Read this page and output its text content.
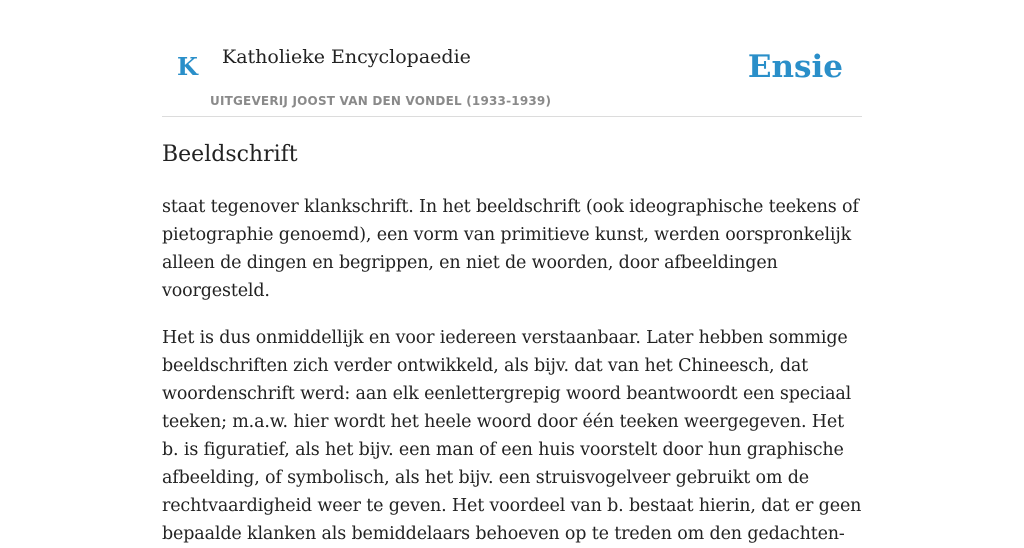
K Katholieke Encyclopaedie
UITGEVERIJ JOOST VAN DEN VONDEL (1933-1939)
Ensie
Beeldschrift

staat tegenover klankschrift. In het beeldschrift (ook ideographische teekens of pietographie genoemd), een vorm van primitieve kunst, werden oorspronkelijk alleen de dingen en begrippen, en niet de woorden, door afbeeldingen voorgesteld.

Het is dus onmiddellijk en voor iedereen verstaanbaar. Later hebben sommige beeldschriften zich verder ontwikkeld, als bijv. dat van het Chineesch, dat woordenschrift werd: aan elk eenlettergrepig woord beantwoordt een speciaal teeken; m.a.w. hier wordt het heele woord door één teeken weergegeven. Het b. is figuratief, als het bijv. een man of een huis voorstelt door hun graphische afbeelding, of symbolisch, als het bijv. een struisvogelveer gebruikt om de rechtvaardigheid weer te geven. Het voordeel van b. bestaat hierin, dat er geen bepaalde klanken als bemiddelaars behoeven op te treden om den gedachten-
